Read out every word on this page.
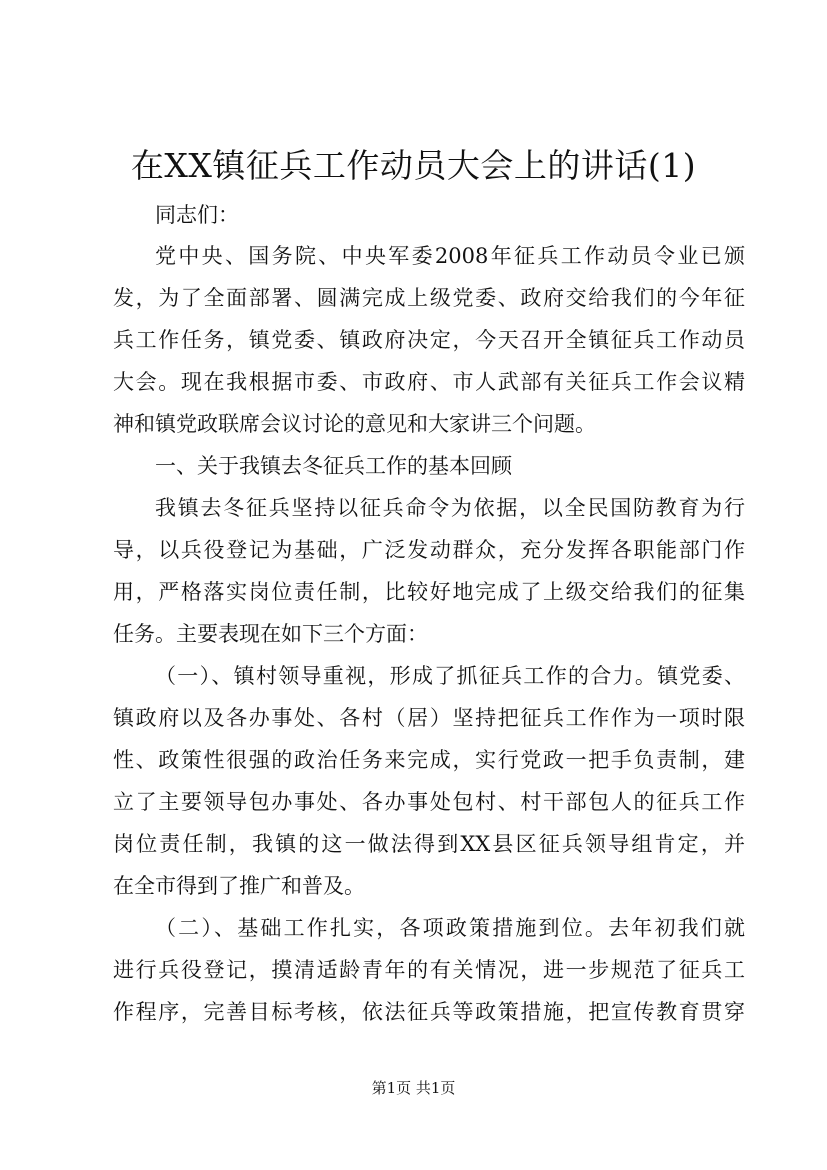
在XX镇征兵工作动员大会上的讲话(1)
同志们：
党中央、国务院、中央军委2008年征兵工作动员令业已颁
发，为了全面部署、圆满完成上级党委、政府交给我们的今年征
兵工作任务，镇党委、镇政府决定，今天召开全镇征兵工作动员
大会。现在我根据市委、市政府、市人武部有关征兵工作会议精
神和镇党政联席会议讨论的意见和大家讲三个问题。
一、关于我镇去冬征兵工作的基本回顾
我镇去冬征兵坚持以征兵命令为依据，以全民国防教育为行
导，以兵役登记为基础，广泛发动群众，充分发挥各职能部门作
用，严格落实岗位责任制，比较好地完成了上级交给我们的征集
任务。主要表现在如下三个方面：
（一）、镇村领导重视，形成了抓征兵工作的合力。镇党委、
镇政府以及各办事处、各村（居）坚持把征兵工作作为一项时限
性、政策性很强的政治任务来完成，实行党政一把手负责制，建
立了主要领导包办事处、各办事处包村、村干部包人的征兵工作
岗位责任制，我镇的这一做法得到XX县区征兵领导组肯定，并
在全市得到了推广和普及。
（二）、基础工作扎实，各项政策措施到位。去年初我们就
进行兵役登记，摸清适龄青年的有关情况，进一步规范了征兵工
作程序，完善目标考核，依法征兵等政策措施，把宣传教育贯穿
第1页 共1页
